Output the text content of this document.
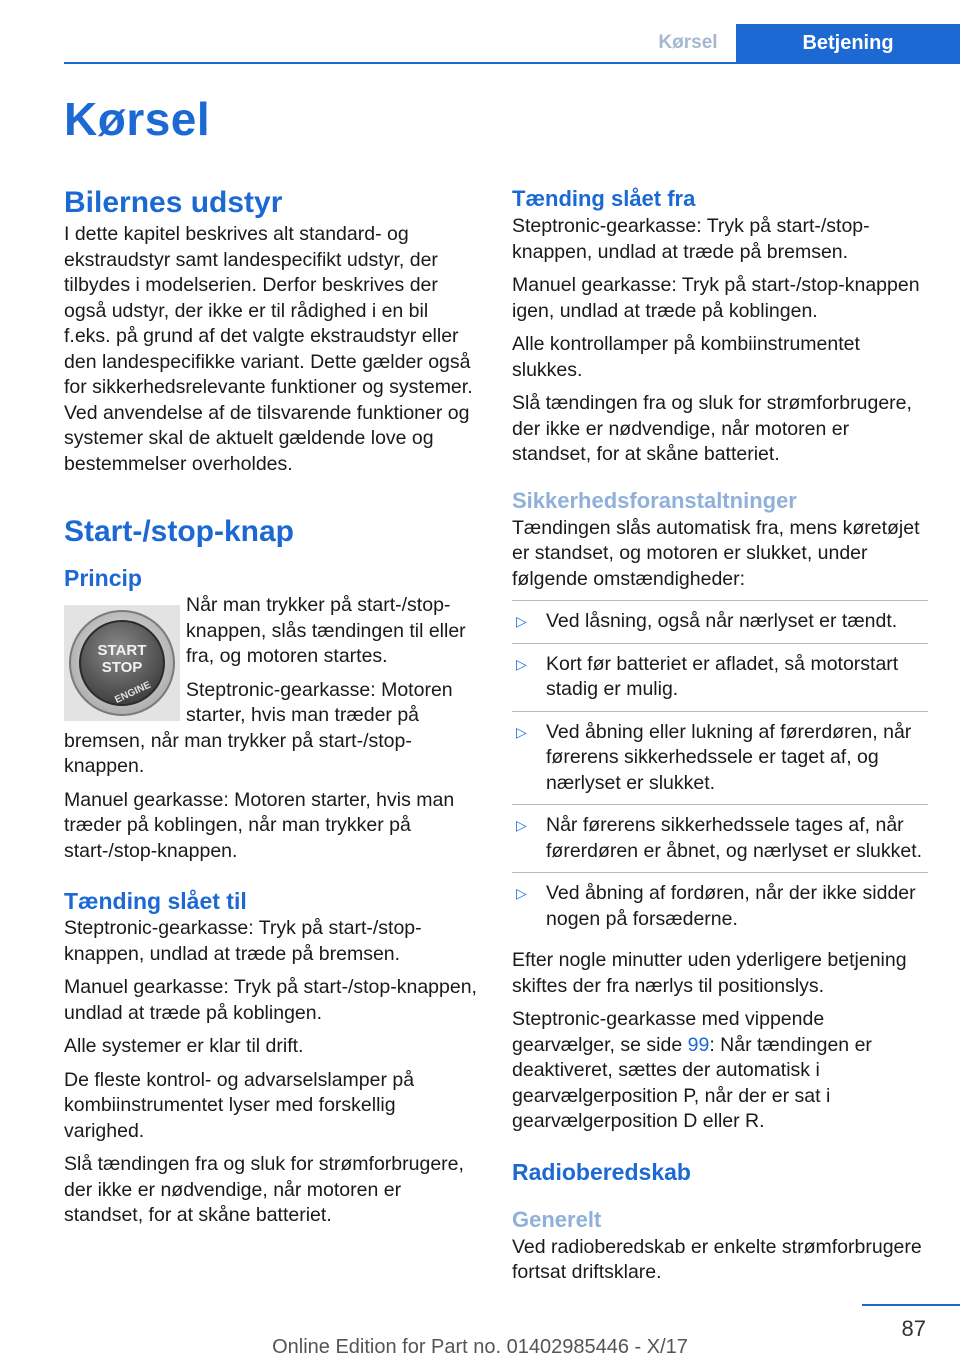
Kørsel	Betjening
Kørsel
Bilernes udstyr

I dette kapitel beskrives alt standard- og ekstraudstyr samt landespecifikt udstyr, der tilbydes i modelserien. Derfor beskrives der også udstyr, der ikke er til rådighed i en bil f.eks. på grund af det valgte ekstraudstyr eller den landespecifikke variant. Dette gælder også for sikkerhedsrelevante funktioner og systemer. Ved anvendelse af de tilsvarende funktioner og systemer skal de aktuelt gældende love og bestemmelser overholdes.

Start-/stop-knap
Princip
START
STOP
ENGINE

Når man trykker på start-/stop-knappen, slås tændingen til eller fra, og motoren startes.

Steptronic-gearkasse: Motoren starter, hvis man træder på bremsen, når man trykker på start-/stop-knappen.

Manuel gearkasse: Motoren starter, hvis man træder på koblingen, når man trykker på start-/stop-knappen.

Tænding slået til

Steptronic-gearkasse: Tryk på start-/stop-knappen, undlad at træde på bremsen.

Manuel gearkasse: Tryk på start-/stop-knappen, undlad at træde på koblingen.

Alle systemer er klar til drift.

De fleste kontrol- og advarselslamper på kombiinstrumentet lyser med forskellig varighed.

Slå tændingen fra og sluk for strømforbrugere, der ikke er nødvendige, når motoren er standset, for at skåne batteriet.

Tænding slået fra

Steptronic-gearkasse: Tryk på start-/stop-knappen, undlad at træde på bremsen.

Manuel gearkasse: Tryk på start-/stop-knappen igen, undlad at træde på koblingen.

Alle kontrollamper på kombiinstrumentet slukkes.

Slå tændingen fra og sluk for strømforbrugere, der ikke er nødvendige, når motoren er standset, for at skåne batteriet.

Sikkerhedsforanstaltninger

Tændingen slås automatisk fra, mens køretøjet er standset, og motoren er slukket, under følgende omstændigheder:

▷ Ved låsning, også når nærlyset er tændt.
▷ Kort før batteriet er afladet, så motorstart stadig er mulig.
▷ Ved åbning eller lukning af førerdøren, når førerens sikkerhedssele er taget af, og nærlyset er slukket.
▷ Når førerens sikkerhedssele tages af, når førerdøren er åbnet, og nærlyset er slukket.
▷ Ved åbning af fordøren, når der ikke sidder nogen på forsæderne.

Efter nogle minutter uden yderligere betjening skiftes der fra nærlys til positionslys.

Steptronic-gearkasse med vippende gearvælger, se side 99: Når tændingen er deaktiveret, sættes der automatisk i gearvælgerposition P, når der er sat i gearvælgerposition D eller R.

Radioberedskab
Generelt

Ved radioberedskab er enkelte strømforbrugere fortsat driftsklare.

87
Online Edition for Part no. 01402985446 - X/17
